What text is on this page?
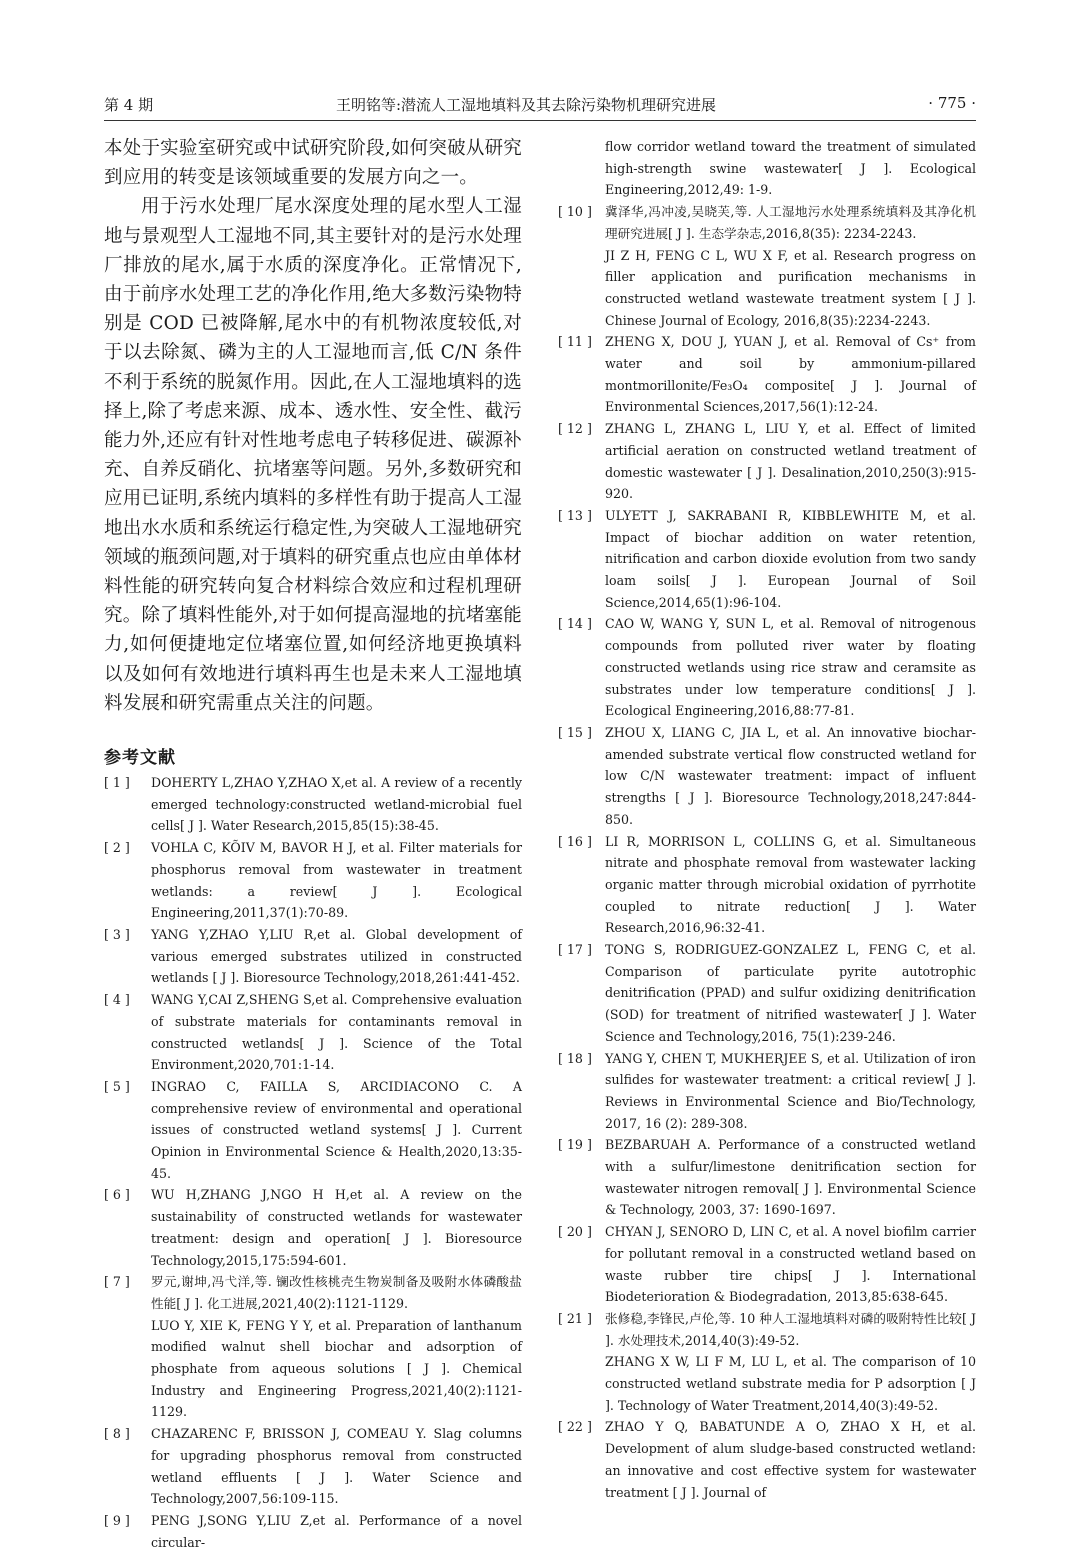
第 4 期	王明铭等:潜流人工湿地填料及其去除污染物机理研究进展	· 775 ·

本处于实验室研究或中试研究阶段,如何突破从研究到应用的转变是该领域重要的发展方向之一。

用于污水处理厂尾水深度处理的尾水型人工湿地与景观型人工湿地不同,其主要针对的是污水处理厂排放的尾水,属于水质的深度净化。正常情况下,由于前序水处理工艺的净化作用,绝大多数污染物特别是 COD 已被降解,尾水中的有机物浓度较低,对于以去除氮、磷为主的人工湿地而言,低 C/N 条件不利于系统的脱氮作用。因此,在人工湿地填料的选择上,除了考虑来源、成本、透水性、安全性、截污能力外,还应有针对性地考虑电子转移促进、碳源补充、自养反硝化、抗堵塞等问题。另外,多数研究和应用已证明,系统内填料的多样性有助于提高人工湿地出水水质和系统运行稳定性,为突破人工湿地研究领域的瓶颈问题,对于填料的研究重点也应由单体材料性能的研究转向复合材料综合效应和过程机理研究。除了填料性能外,对于如何提高湿地的抗堵塞能力,如何便捷地定位堵塞位置,如何经济地更换填料以及如何有效地进行填料再生也是未来人工湿地填料发展和研究需重点关注的问题。

参考文献
[ 1 ] DOHERTY L,ZHAO Y,ZHAO X,et al. A review of a recently emerged technology:constructed wetland-microbial fuel cells[ J ]. Water Research,2015,85(15):38-45.
[ 2 ] VOHLA C, KÕIV M, BAVOR H J, et al. Filter materials for phosphorus removal from wastewater in treatment wetlands: a review[ J ]. Ecological Engineering,2011,37(1):70-89.
[ 3 ] YANG Y,ZHAO Y,LIU R,et al. Global development of various emerged substrates utilized in constructed wetlands [ J ]. Bioresource Technology,2018,261:441-452.
[ 4 ] WANG Y,CAI Z,SHENG S,et al. Comprehensive evaluation of substrate materials for contaminants removal in constructed wetlands[ J ]. Science of the Total Environment,2020,701:1-14.
[ 5 ] INGRAO C, FAILLA S, ARCIDIACONO C. A comprehensive review of environmental and operational issues of constructed wetland systems[ J ]. Current Opinion in Environmental Science & Health,2020,13:35-45.
[ 6 ] WU H,ZHANG J,NGO H H,et al. A review on the sustainability of constructed wetlands for wastewater treatment: design and operation[ J ]. Bioresource Technology,2015,175:594-601.
[ 7 ] 罗元,谢坤,冯弋洋,等. 镧改性核桃壳生物炭制备及吸附水体磷酸盐性能[ J ]. 化工进展,2021,40(2):1121-1129.
LUO Y, XIE K, FENG Y Y, et al. Preparation of lanthanum modified walnut shell biochar and adsorption of phosphate from aqueous solutions [ J ]. Chemical Industry and Engineering Progress,2021,40(2):1121-1129.
[ 8 ] CHAZARENC F, BRISSON J, COMEAU Y. Slag columns for upgrading phosphorus removal from constructed wetland effluents [ J ]. Water Science and Technology,2007,56:109-115.
[ 9 ] PENG J,SONG Y,LIU Z,et al. Performance of a novel circular-
flow corridor wetland toward the treatment of simulated high-strength swine wastewater[ J ]. Ecological Engineering,2012,49: 1-9.
[ 10 ] 冀泽华,冯冲凌,吴晓芙,等. 人工湿地污水处理系统填料及其净化机理研究进展[ J ]. 生态学杂志,2016,8(35): 2234-2243.
JI Z H, FENG C L, WU X F, et al. Research progress on filler application and purification mechanisms in constructed wetland wastewate treatment system [ J ]. Chinese Journal of Ecology, 2016,8(35):2234-2243.
[ 11 ] ZHENG X, DOU J, YUAN J, et al. Removal of Cs⁺ from water and soil by ammonium-pillared montmorillonite/Fe₃O₄ composite[ J ]. Journal of Environmental Sciences,2017,56(1):12-24.
[ 12 ] ZHANG L, ZHANG L, LIU Y, et al. Effect of limited artificial aeration on constructed wetland treatment of domestic wastewater [ J ]. Desalination,2010,250(3):915-920.
[ 13 ] ULYETT J, SAKRABANI R, KIBBLEWHITE M, et al. Impact of biochar addition on water retention, nitrification and carbon dioxide evolution from two sandy loam soils[ J ]. European Journal of Soil Science,2014,65(1):96-104.
[ 14 ] CAO W, WANG Y, SUN L, et al. Removal of nitrogenous compounds from polluted river water by floating constructed wetlands using rice straw and ceramsite as substrates under low temperature conditions[ J ]. Ecological Engineering,2016,88:77-81.
[ 15 ] ZHOU X, LIANG C, JIA L, et al. An innovative biochar-amended substrate vertical flow constructed wetland for low C/N wastewater treatment: impact of influent strengths [ J ]. Bioresource Technology,2018,247:844-850.
[ 16 ] LI R, MORRISON L, COLLINS G, et al. Simultaneous nitrate and phosphate removal from wastewater lacking organic matter through microbial oxidation of pyrrhotite coupled to nitrate reduction[ J ]. Water Research,2016,96:32-41.
[ 17 ] TONG S, RODRIGUEZ-GONZALEZ L, FENG C, et al. Comparison of particulate pyrite autotrophic denitrification (PPAD) and sulfur oxidizing denitrification (SOD) for treatment of nitrified wastewater[ J ]. Water Science and Technology,2016, 75(1):239-246.
[ 18 ] YANG Y, CHEN T, MUKHERJEE S, et al. Utilization of iron sulfides for wastewater treatment: a critical review[ J ]. Reviews in Environmental Science and Bio/Technology, 2017, 16 (2): 289-308.
[ 19 ] BEZBARUAH A. Performance of a constructed wetland with a sulfur/limestone denitrification section for wastewater nitrogen removal[ J ]. Environmental Science & Technology, 2003, 37: 1690-1697.
[ 20 ] CHYAN J, SENORO D, LIN C, et al. A novel biofilm carrier for pollutant removal in a constructed wetland based on waste rubber tire chips[ J ]. International Biodeterioration & Biodegradation, 2013,85:638-645.
[ 21 ] 张修稳,李锋民,卢伦,等. 10 种人工湿地填料对磷的吸附特性比较[ J ]. 水处理技术,2014,40(3):49-52.
ZHANG X W, LI F M, LU L, et al. The comparison of 10 constructed wetland substrate media for P adsorption [ J ]. Technology of Water Treatment,2014,40(3):49-52.
[ 22 ] ZHAO Y Q, BABATUNDE A O, ZHAO X H, et al. Development of alum sludge-based constructed wetland: an innovative and cost effective system for wastewater treatment [ J ]. Journal of
